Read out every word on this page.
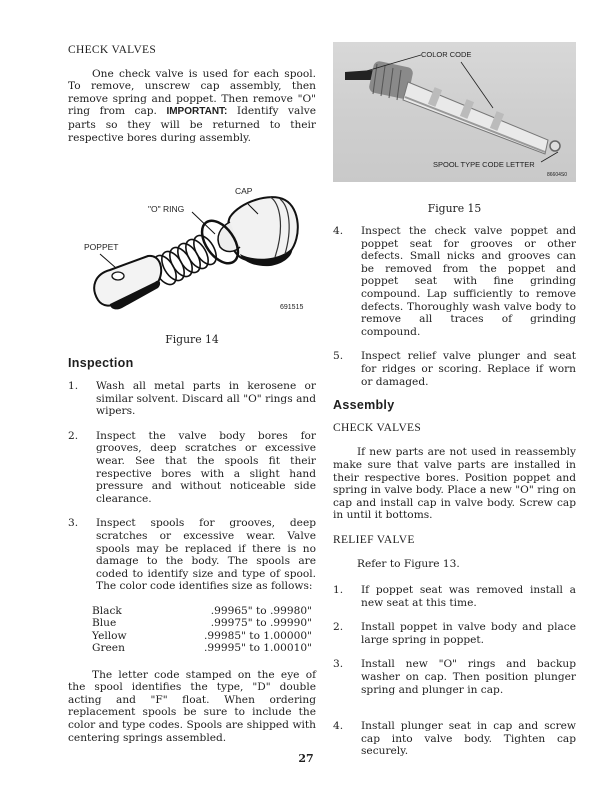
CHECK VALVES

One check valve is used for each spool. To remove, unscrew cap assembly, then remove spring and poppet. Then remove "O" ring from cap. IMPORTANT: Identify valve parts so they will be returned to their respective bores during assembly.

CAP
"O" RING
POPPET
691515
Figure 14
Inspection
1.	Wash all metal parts in kerosene or similar solvent. Discard all "O" rings and wipers.
2.	Inspect the valve body bores for grooves, deep scratches or excessive wear. See that the spools fit their respective bores with a slight hand pressure and without noticeable side clearance.
3.	Inspect spools for grooves, deep scratches or excessive wear. Valve spools may be replaced if there is no damage to the body. The spools are coded to identify size and type of spool. The color code identifies size as follows:
Black	.99965" to .99980"
Blue	.99975" to .99990"
Yellow	.99985" to 1.00000"
Green	.99995" to 1.00010"

The letter code stamped on the eye of the spool identifies the type, "D" double acting and "F" float. When ordering replacement spools be sure to include the color and type codes. Spools are shipped with centering springs assembled.

COLOR CODE
SPOOL TYPE CODE LETTER
86604S0
Figure 15
4.	Inspect the check valve poppet and poppet seat for grooves or other defects. Small nicks and grooves can be removed from the poppet and poppet seat with fine grinding compound. Lap sufficiently to remove defects. Thoroughly wash valve body to remove all traces of grinding compound.
5.	Inspect relief valve plunger and seat for ridges or scoring. Replace if worn or damaged.
Assembly
CHECK VALVES

If new parts are not used in reassembly make sure that valve parts are installed in their respective bores. Position poppet and spring in valve body. Place a new "O" ring on cap and install cap in valve body. Screw cap in until it bottoms.

RELIEF VALVE

Refer to Figure 13.

1.	If poppet seat was removed install a new seat at this time.
2.	Install poppet in valve body and place large spring in poppet.
3.	Install new "O" rings and backup washer on cap. Then position plunger spring and plunger in cap.
4.	Install plunger seat in cap and screw cap into valve body. Tighten cap securely.
27
